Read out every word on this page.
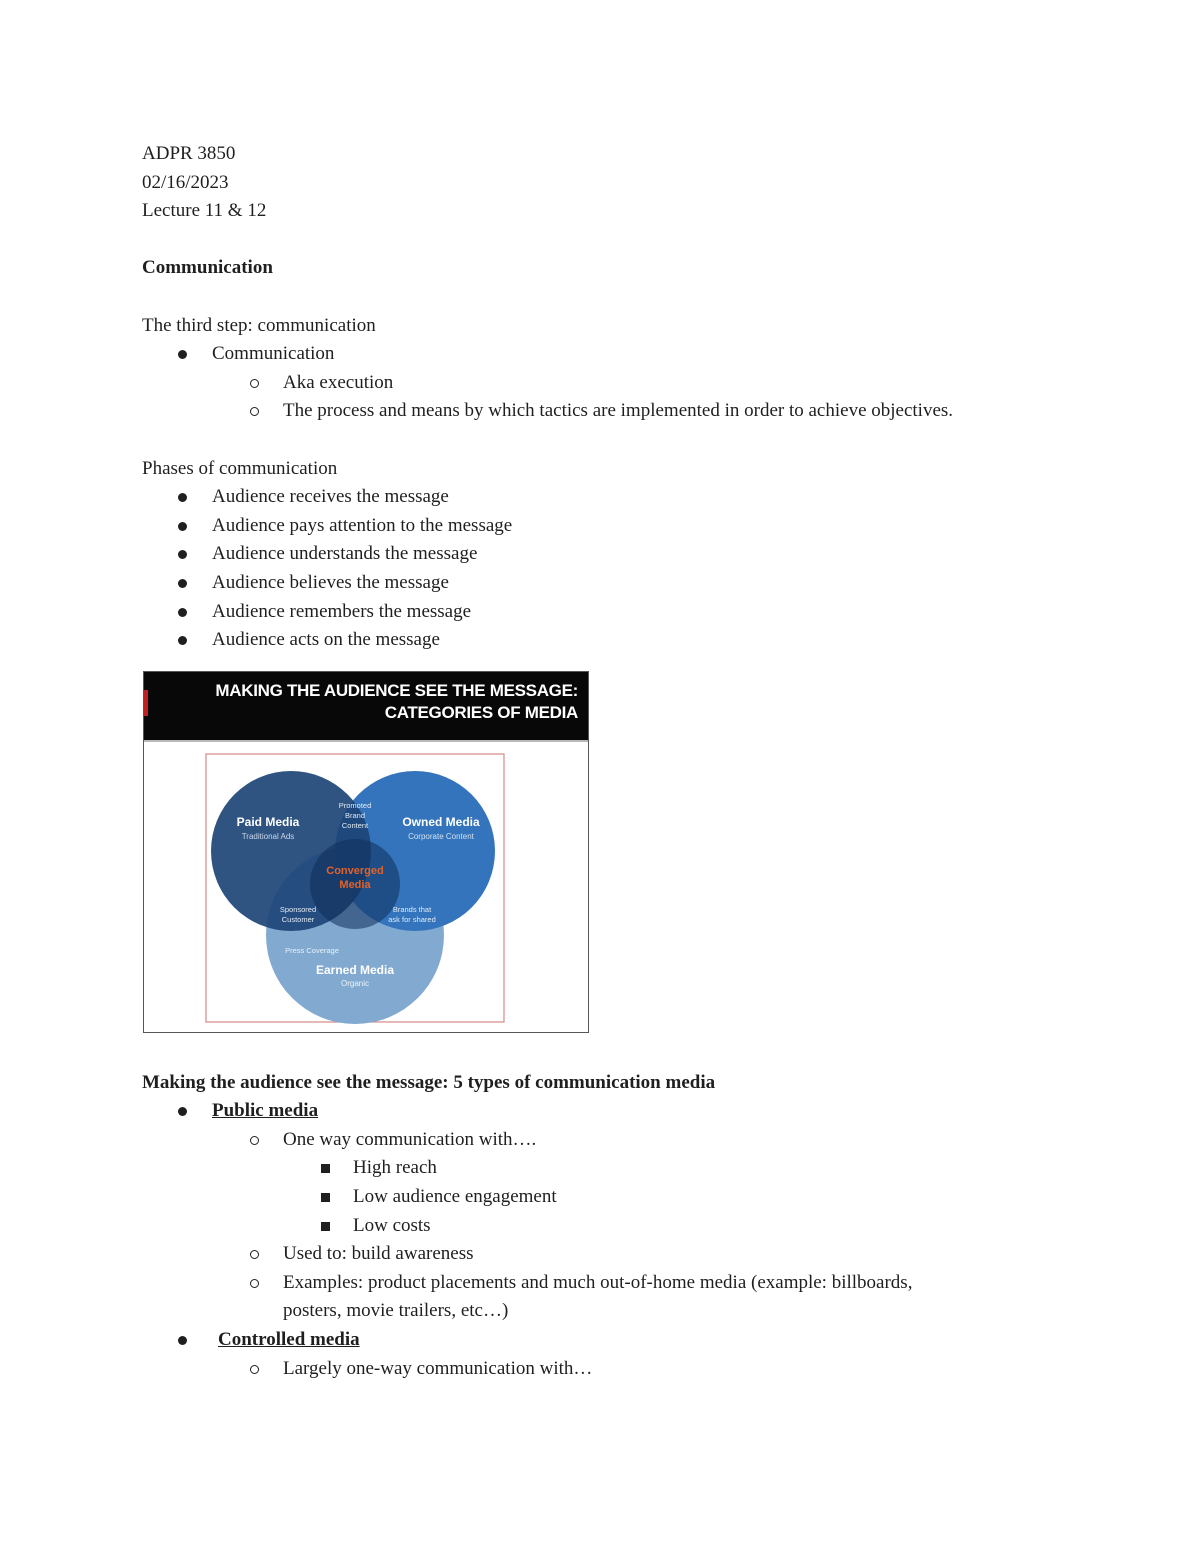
ADPR 3850
02/16/2023
Lecture 11 & 12
Communication
The third step: communication
Communication
Aka execution
The process and means by which tactics are implemented in order to achieve objectives.
Phases of communication
Audience receives the message
Audience pays attention to the message
Audience understands the message
Audience believes the message
Audience remembers the message
Audience acts on the message
MAKING THE AUDIENCE SEE THE MESSAGE:
CATEGORIES OF MEDIA
Paid Media
Traditional Ads
Owned Media
Corporate Content
Promoted
Brand
Content
Converged
Media
Sponsored
Customer
Brands that
ask for shared
Press Coverage
Earned Media
Organic
Making the audience see the message: 5 types of communication media
Public media
One way communication with….
High reach
Low audience engagement
Low costs
Used to: build awareness
Examples: product placements and much out-of-home media (example: billboards,
posters, movie trailers, etc…)
Controlled media
Largely one-way communication with…
